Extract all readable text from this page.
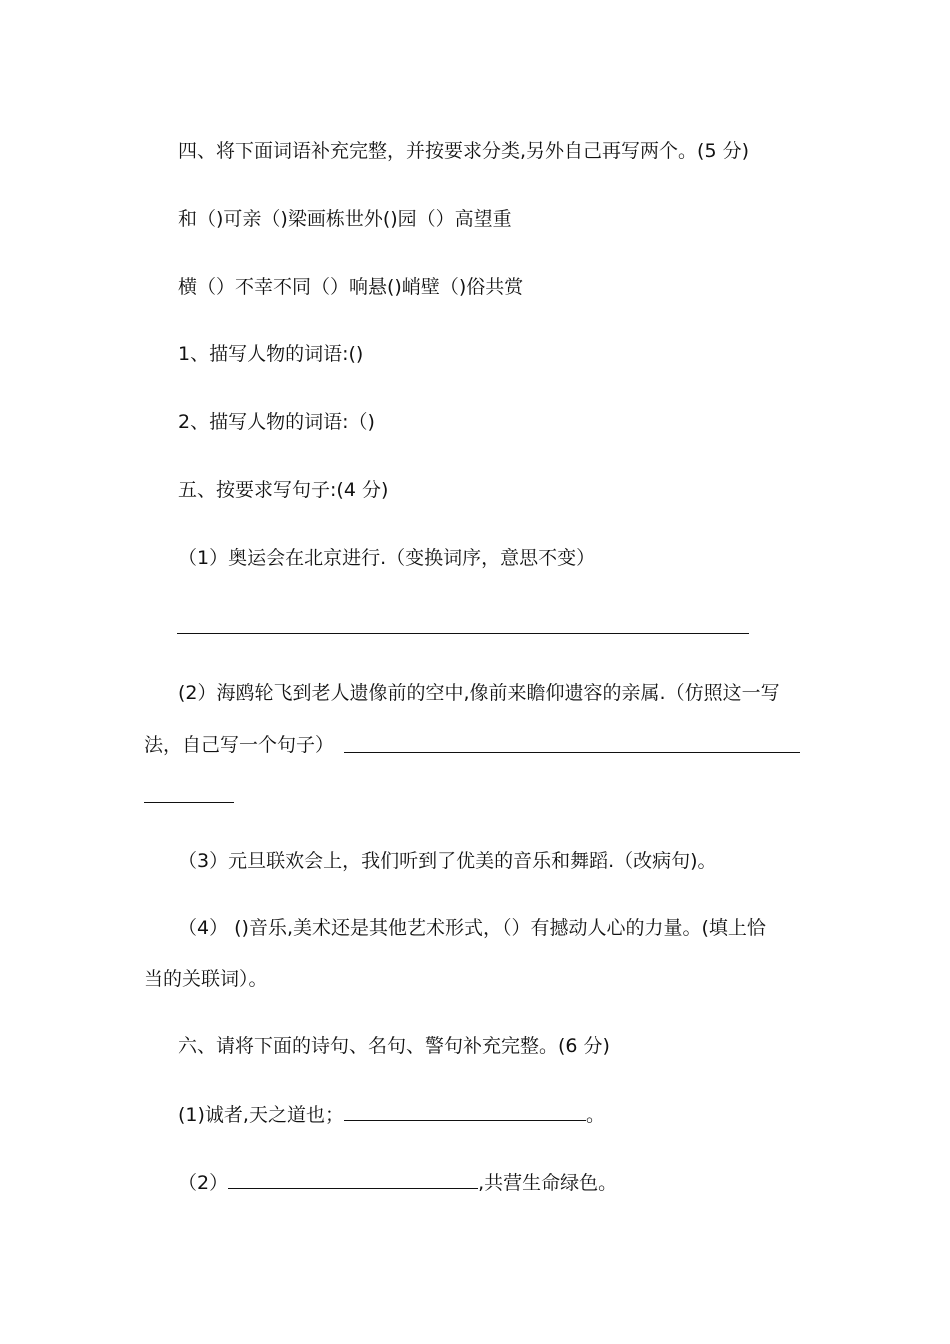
四、将下面词语补充完整，并按要求分类,另外自己再写两个。(5 分)
和（)可亲（)梁画栋世外()园（）高望重
横（）不幸不同（）响悬()峭壁（)俗共赏
1、描写人物的词语:()
2、描写人物的词语:（)
五、按要求写句子:(4 分)
（1）奥运会在北京进行.（变换词序，意思不变）
(2）海鸥轮飞到老人遗像前的空中,像前来瞻仰遗容的亲属.（仿照这一写
法，自己写一个句子）
（3）元旦联欢会上，我们听到了优美的音乐和舞蹈.（改病句)。
（4） ()音乐,美术还是其他艺术形式，（）有撼动人心的力量。(填上恰
当的关联词）。
六、请将下面的诗句、名句、警句补充完整。(6 分)
(1)诚者,天之道也；	。
（2）	,共营生命绿色。
